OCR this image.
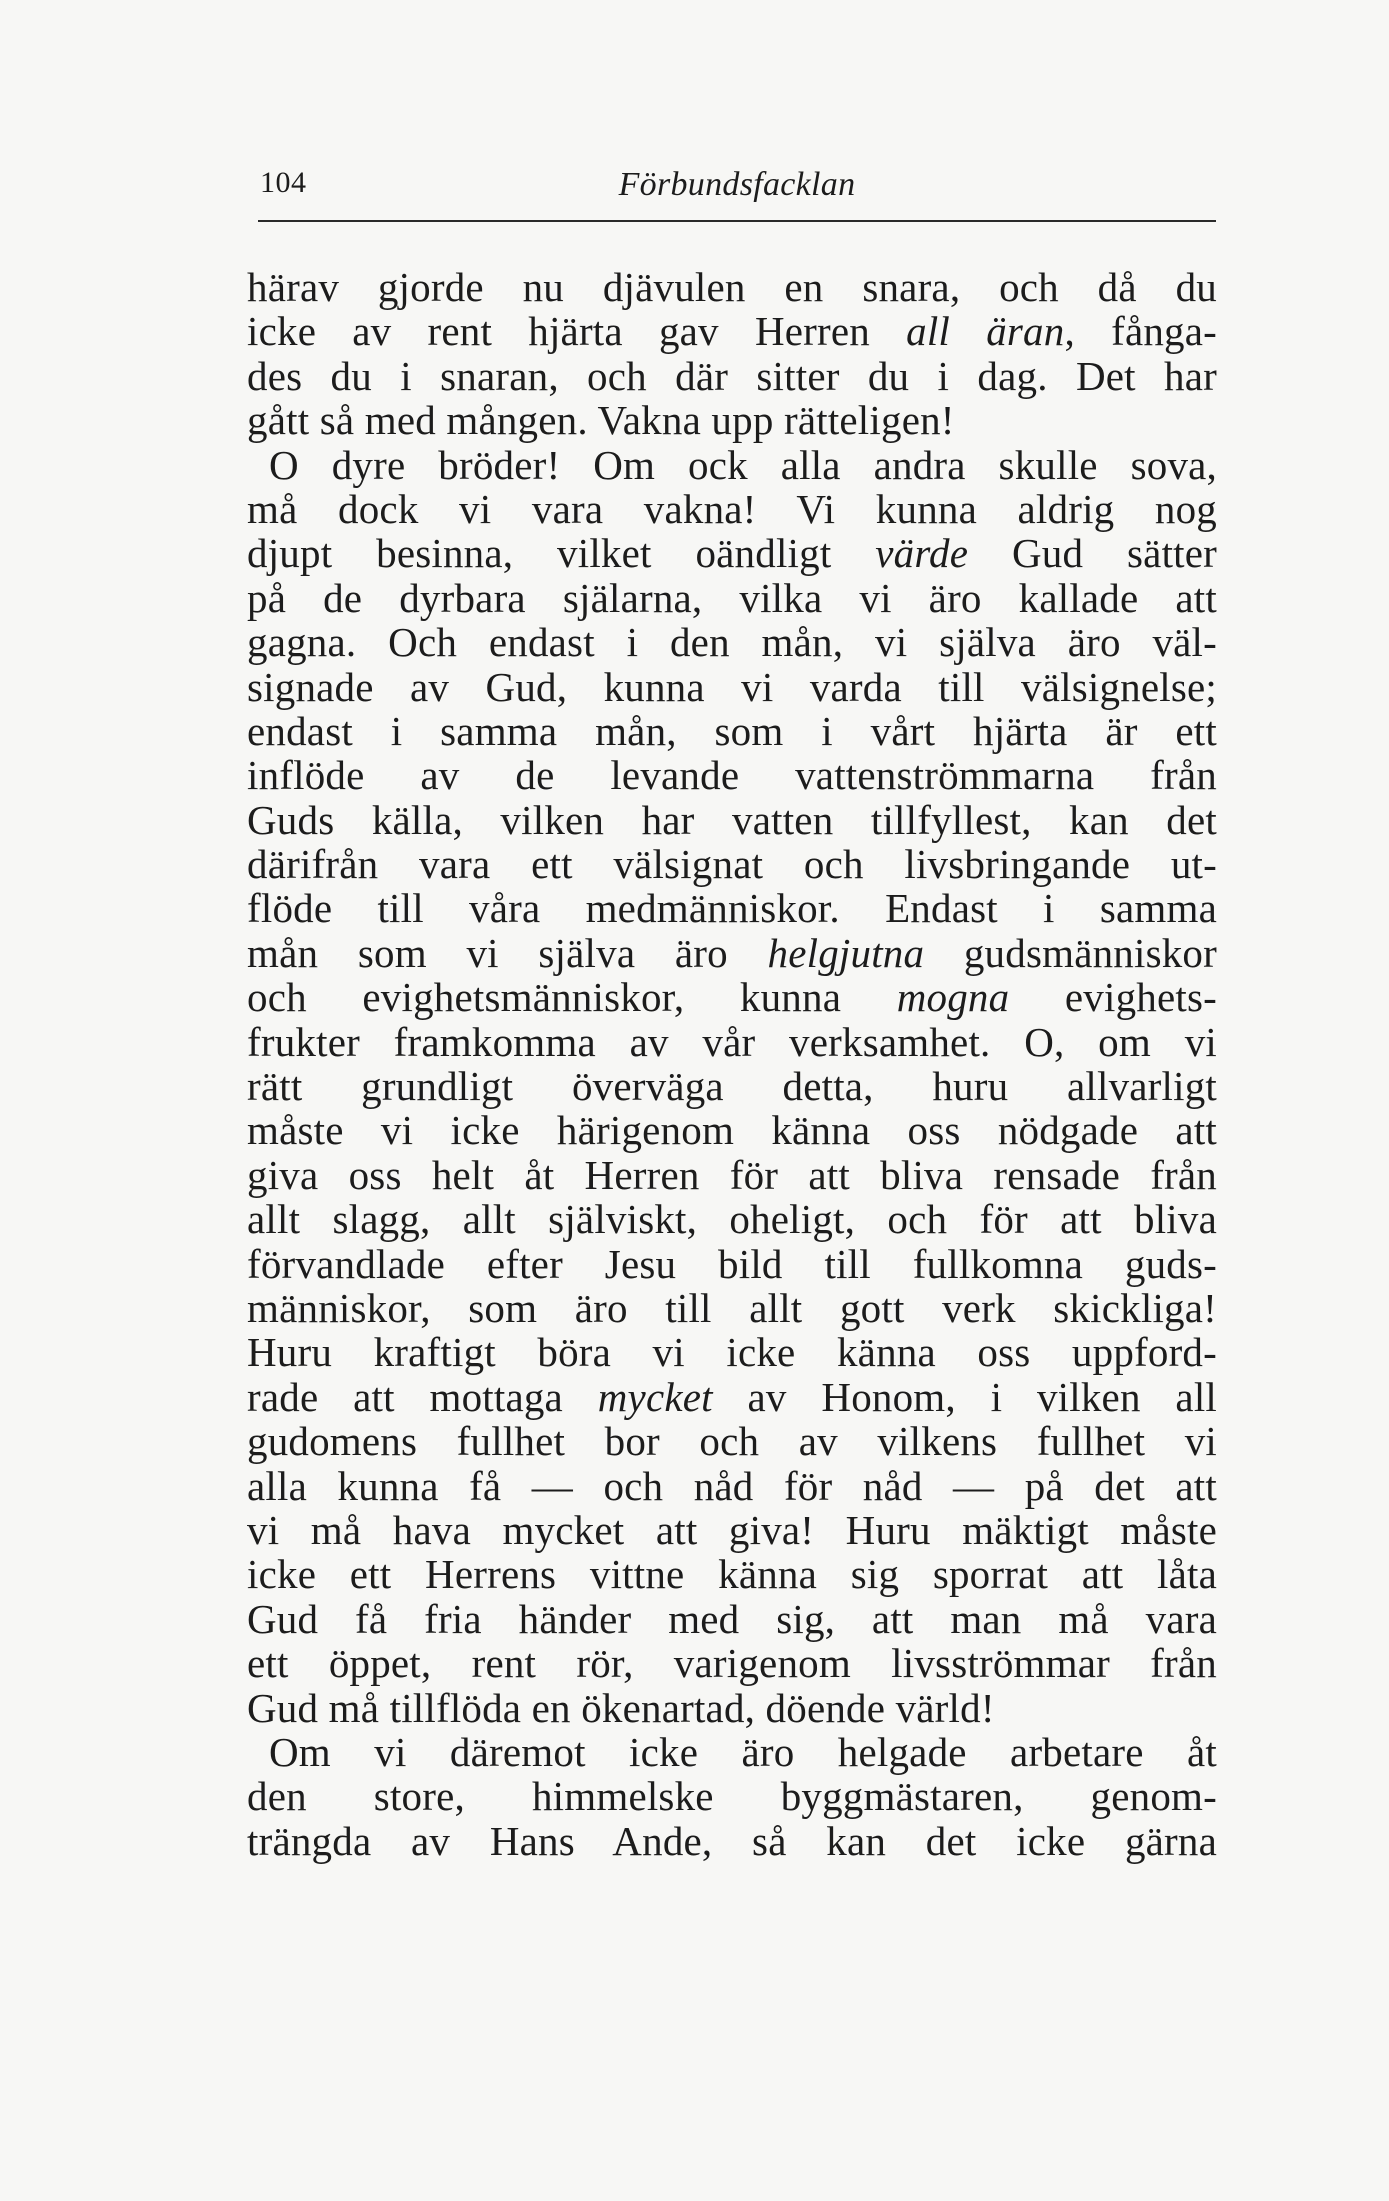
104	Förbundsfacklan
härav gjorde nu djävulen en snara, och då du
icke av rent hjärta gav Herren all äran, fånga-
des du i snaran, och där sitter du i dag. Det har
gått så med mången. Vakna upp rätteligen!
O dyre bröder! Om ock alla andra skulle sova,
må dock vi vara vakna! Vi kunna aldrig nog
djupt besinna, vilket oändligt värde Gud sätter
på de dyrbara själarna, vilka vi äro kallade att
gagna. Och endast i den mån, vi själva äro väl-
signade av Gud, kunna vi varda till välsignelse;
endast i samma mån, som i vårt hjärta är ett
inflöde av de levande vattenströmmarna från
Guds källa, vilken har vatten tillfyllest, kan det
därifrån vara ett välsignat och livsbringande ut-
flöde till våra medmänniskor. Endast i samma
mån som vi själva äro helgjutna gudsmänniskor
och evighetsmänniskor, kunna mogna evighets-
frukter framkomma av vår verksamhet. O, om vi
rätt grundligt överväga detta, huru allvarligt
måste vi icke härigenom känna oss nödgade att
giva oss helt åt Herren för att bliva rensade från
allt slagg, allt själviskt, oheligt, och för att bliva
förvandlade efter Jesu bild till fullkomna guds-
människor, som äro till allt gott verk skickliga!
Huru kraftigt böra vi icke känna oss uppford-
rade att mottaga mycket av Honom, i vilken all
gudomens fullhet bor och av vilkens fullhet vi
alla kunna få — och nåd för nåd — på det att
vi må hava mycket att giva! Huru mäktigt måste
icke ett Herrens vittne känna sig sporrat att låta
Gud få fria händer med sig, att man må vara
ett öppet, rent rör, varigenom livsströmmar från
Gud må tillflöda en ökenartad, döende värld!
Om vi däremot icke äro helgade arbetare åt
den store, himmelske byggmästaren, genom-
trängda av Hans Ande, så kan det icke gärna
